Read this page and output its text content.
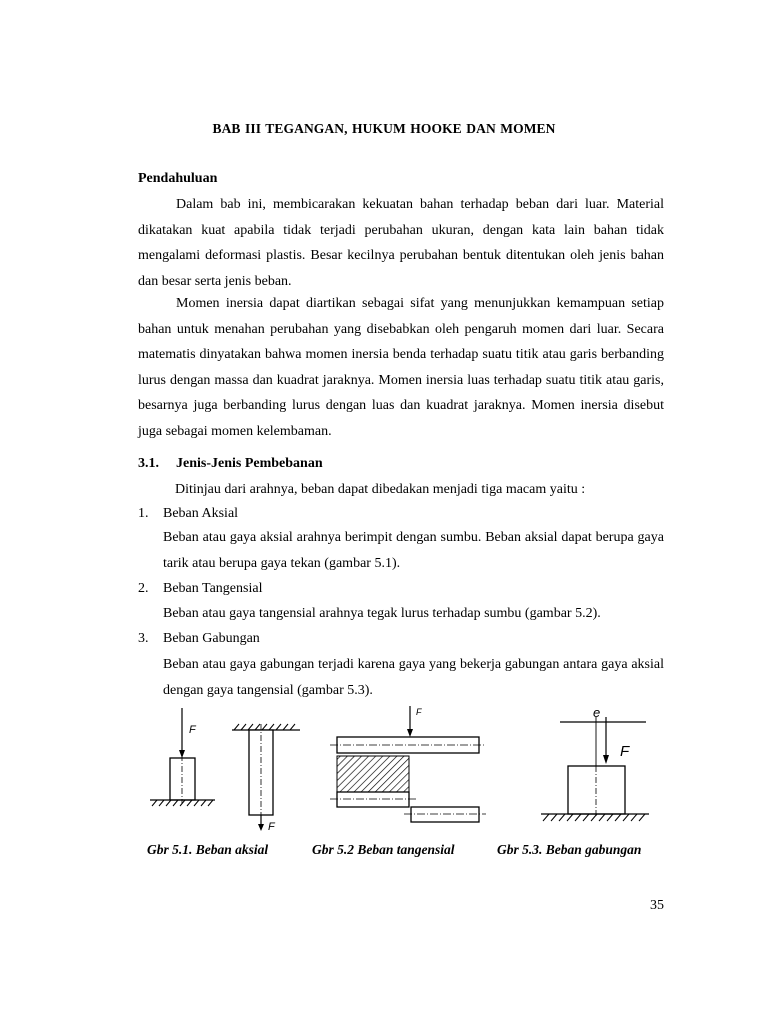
BAB III TEGANGAN, HUKUM HOOKE DAN MOMEN
Pendahuluan

Dalam bab ini, membicarakan kekuatan bahan terhadap beban dari luar. Material dikatakan kuat apabila tidak terjadi perubahan ukuran, dengan kata lain bahan tidak mengalami deformasi plastis. Besar kecilnya perubahan bentuk ditentukan oleh jenis bahan dan besar serta jenis beban.

Momen inersia dapat diartikan sebagai sifat yang menunjukkan kemampuan setiap bahan untuk menahan perubahan yang disebabkan oleh pengaruh momen dari luar. Secara matematis dinyatakan bahwa momen inersia benda terhadap suatu titik atau garis berbanding lurus dengan massa dan kuadrat jaraknya. Momen inersia luas terhadap suatu titik atau garis, besarnya juga berbanding lurus dengan luas dan kuadrat jaraknya. Momen inersia disebut juga sebagai momen kelembaman.

3.1. Jenis-Jenis Pembebanan
Ditinjau dari arahnya, beban dapat dibedakan menjadi tiga macam yaitu :
1. Beban Aksial

Beban atau gaya aksial arahnya berimpit dengan sumbu. Beban aksial dapat berupa gaya tarik atau berupa gaya tekan (gambar 5.1).

2. Beban Tangensial

Beban atau gaya tangensial arahnya tegak lurus terhadap sumbu (gambar 5.2).

3. Beban Gabungan

Beban atau gaya gabungan terjadi karena gaya yang bekerja gabungan antara gaya aksial dengan gaya tangensial (gambar 5.3).

F
F
F	e
F
Gbr 5.1. Beban aksial	Gbr 5.2 Beban tangensial	Gbr 5.3. Beban gabungan
35
